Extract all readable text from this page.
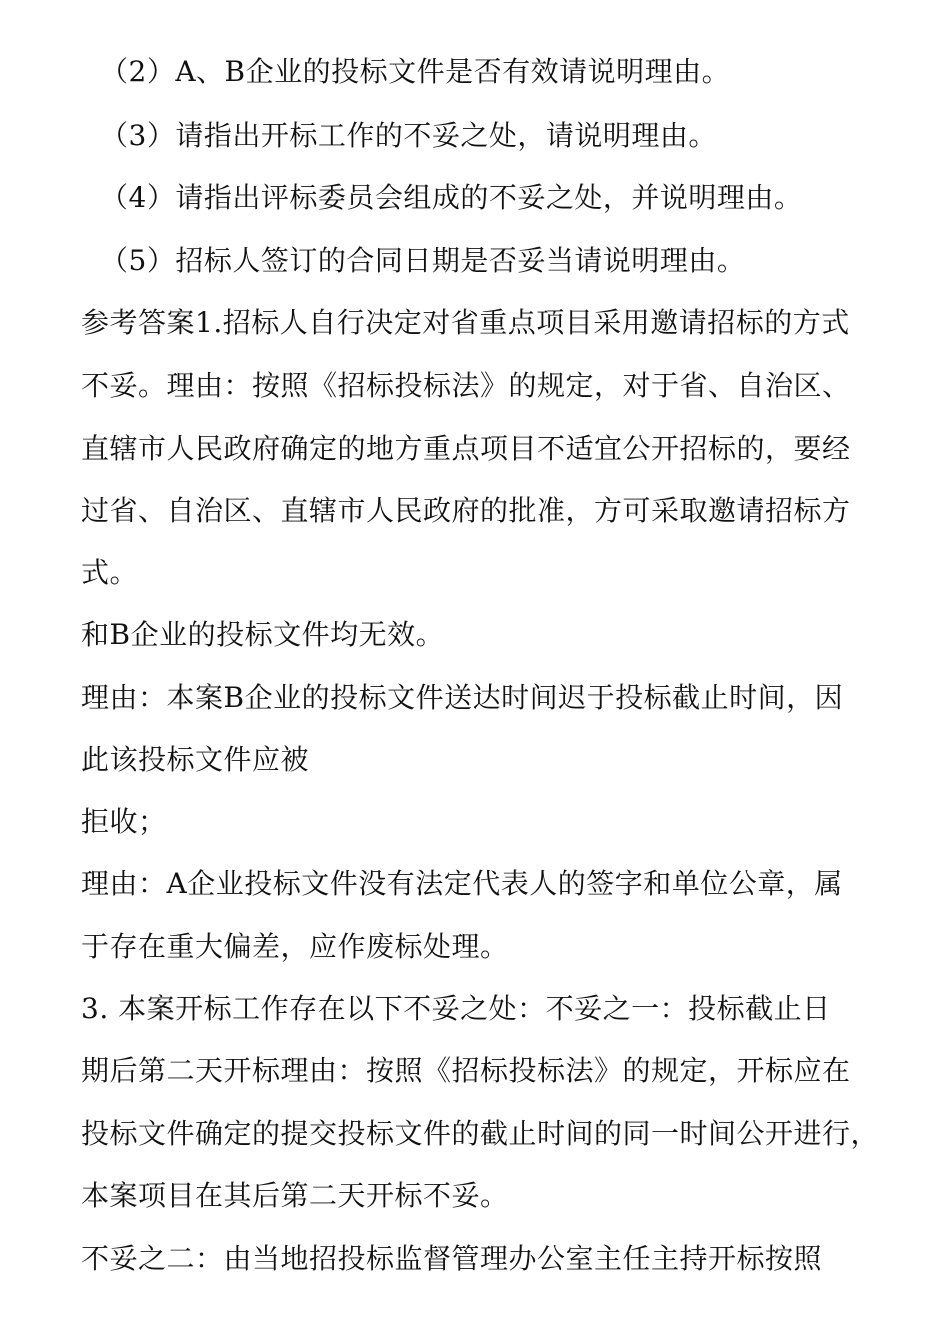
（2）A、B企业的投标文件是否有效请说明理由。
（3）请指出开标工作的不妥之处，请说明理由。
（4）请指出评标委员会组成的不妥之处，并说明理由。
（5）招标人签订的合同日期是否妥当请说明理由。
参考答案1.招标人自行决定对省重点项目采用邀请招标的方式
不妥。理由：按照《招标投标法》的规定，对于省、自治区、
直辖市人民政府确定的地方重点项目不适宜公开招标的，要经
过省、自治区、直辖市人民政府的批准，方可采取邀请招标方
式。
和B企业的投标文件均无效。
理由：本案B企业的投标文件送达时间迟于投标截止时间，因
此该投标文件应被
拒收；
理由：A企业投标文件没有法定代表人的签字和单位公章，属
于存在重大偏差，应作废标处理。
3. 本案开标工作存在以下不妥之处：不妥之一：投标截止日
期后第二天开标理由：按照《招标投标法》的规定，开标应在
投标文件确定的提交投标文件的截止时间的同一时间公开进行，
本案项目在其后第二天开标不妥。
不妥之二：由当地招投标监督管理办公室主任主持开标按照
